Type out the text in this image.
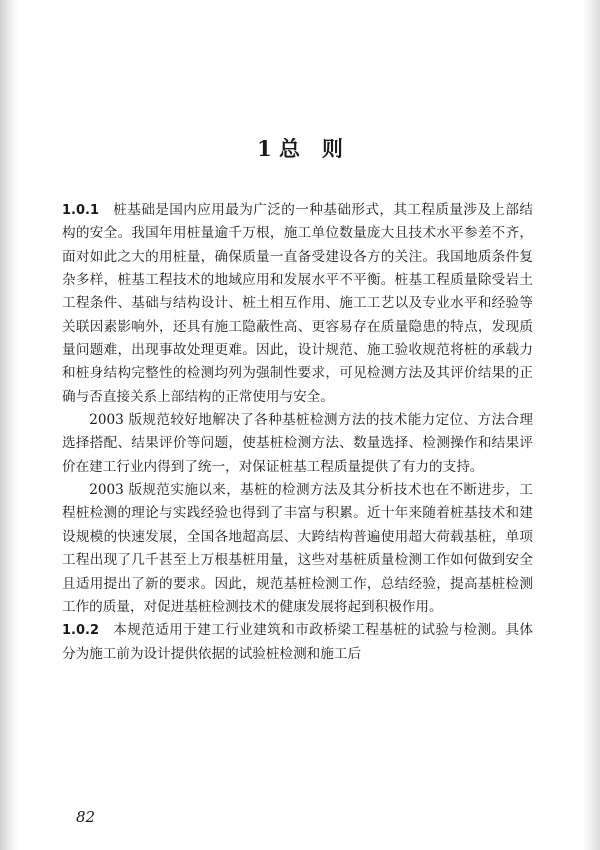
1 总   则

1.0.1 桩基础是国内应用最为广泛的一种基础形式，其工程质量涉及上部结构的安全。我国年用桩量逾千万根，施工单位数量庞大且技术水平参差不齐，面对如此之大的用桩量，确保质量一直备受建设各方的关注。我国地质条件复杂多样，桩基工程技术的地域应用和发展水平不平衡。桩基工程质量除受岩土工程条件、基础与结构设计、桩土相互作用、施工工艺以及专业水平和经验等关联因素影响外，还具有施工隐蔽性高、更容易存在质量隐患的特点，发现质量问题难，出现事故处理更难。因此，设计规范、施工验收规范将桩的承载力和桩身结构完整性的检测均列为强制性要求，可见检测方法及其评价结果的正确与否直接关系上部结构的正常使用与安全。

2003 版规范较好地解决了各种基桩检测方法的技术能力定位、方法合理选择搭配、结果评价等问题，使基桩检测方法、数量选择、检测操作和结果评价在建工行业内得到了统一，对保证桩基工程质量提供了有力的支持。

2003 版规范实施以来，基桩的检测方法及其分析技术也在不断进步，工程桩检测的理论与实践经验也得到了丰富与积累。近十年来随着桩基技术和建设规模的快速发展，全国各地超高层、大跨结构普遍使用超大荷载基桩，单项工程出现了几千甚至上万根基桩用量，这些对基桩质量检测工作如何做到安全且适用提出了新的要求。因此，规范基桩检测工作，总结经验，提高基桩检测工作的质量，对促进基桩检测技术的健康发展将起到积极作用。

1.0.2 本规范适用于建工行业建筑和市政桥梁工程基桩的试验与检测。具体分为施工前为设计提供依据的试验桩检测和施工后

82
